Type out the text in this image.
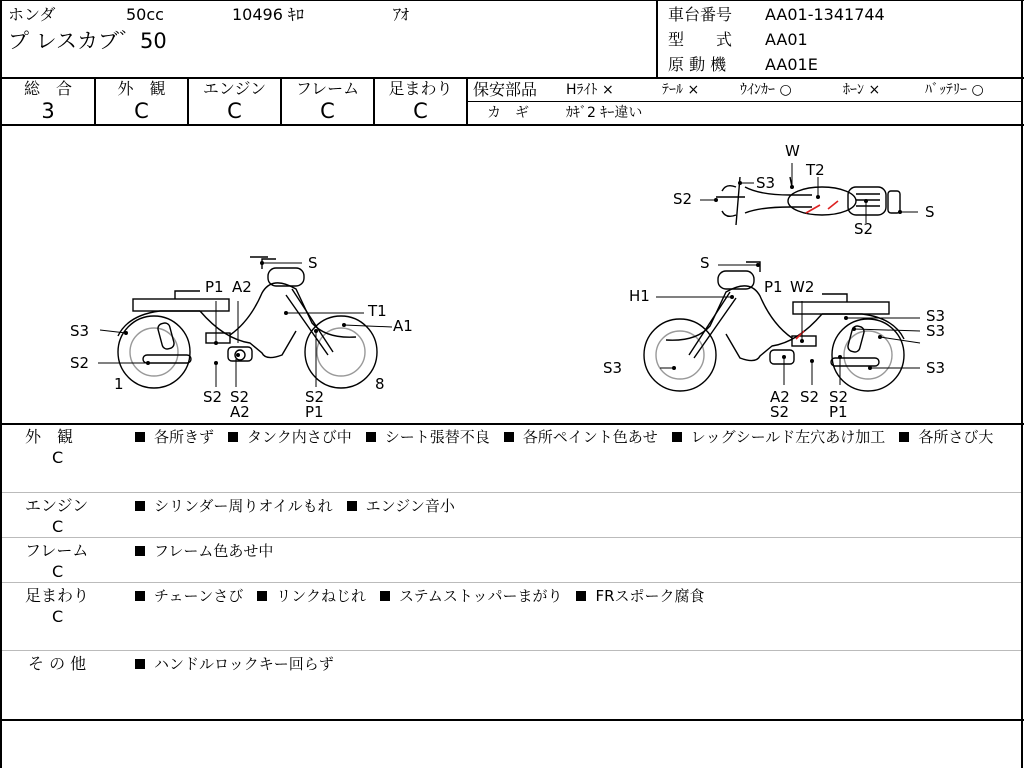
ホンダ	50cc	10496 ｷﾛ	ｱｵ
プ レスカブ゛50
車台番号 AA01-1341744
型　　式 AA01
原 動 機 AA01E
総　合
3
外　観
C
エンジン
C
フレーム
C
足まわり
C
保安部品 Hﾗｲﾄ ×	ﾃｰﾙ ×	ｳｲﾝｶｰ ○	ﾎｰﾝ ×	ﾊﾞｯﾃﾘｰ ○
カ　ギ	ｶｷﾞ2 ｷｰ違い
S
P1 A2
T1
A1
S3
S2
1
S2 S2
A2
S2
P1
8
S
H1	P1 W2
S3
S3
S3	S3
A2
S2
S2 S2
P1
W
T2
S3
S2
S
S2
外　観
C
各所きず タンク内さび中 シート張替不良 各所ペイント色あせ レッグシールド左穴あけ加工 各所さび大
エンジン
C
シリンダー周りオイルもれ エンジン音小
フレーム
C
フレーム色あせ中
足まわり
C
チェーンさび リンクねじれ ステムストッパーまがり FRスポーク腐食
そ の 他	ハンドルロックキー回らず
